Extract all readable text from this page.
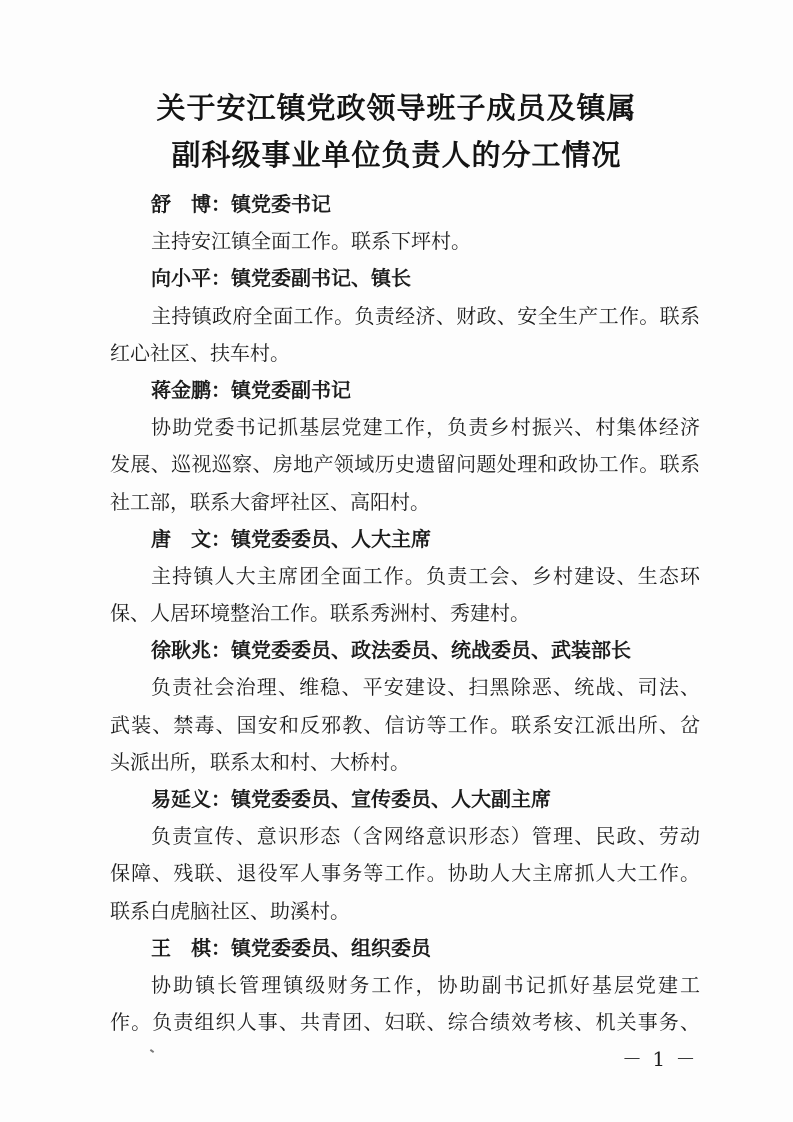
关于安江镇党政领导班子成员及镇属
副科级事业单位负责人的分工情况
舒　博：镇党委书记
主持安江镇全面工作。联系下坪村。
向小平：镇党委副书记、镇长
主持镇政府全面工作。负责经济、财政、安全生产工作。联系
红心社区、扶车村。
蒋金鹏：镇党委副书记
协助党委书记抓基层党建工作，负责乡村振兴、村集体经济
发展、巡视巡察、房地产领域历史遗留问题处理和政协工作。联系
社工部，联系大畲坪社区、高阳村。
唐　文：镇党委委员、人大主席
主持镇人大主席团全面工作。负责工会、乡村建设、生态环
保、人居环境整治工作。联系秀洲村、秀建村。
徐耿兆：镇党委委员、政法委员、统战委员、武装部长
负责社会治理、维稳、平安建设、扫黑除恶、统战、司法、
武装、禁毒、国安和反邪教、信访等工作。联系安江派出所、岔
头派出所，联系太和村、大桥村。
易延义：镇党委委员、宣传委员、人大副主席
负责宣传、意识形态（含网络意识形态）管理、民政、劳动
保障、残联、退役军人事务等工作。协助人大主席抓人大工作。
联系白虎脑社区、助溪村。
王　棋：镇党委委员、组织委员
协助镇长管理镇级财务工作，协助副书记抓好基层党建工
作。负责组织人事、共青团、妇联、综合绩效考核、机关事务、
－ 1 －
